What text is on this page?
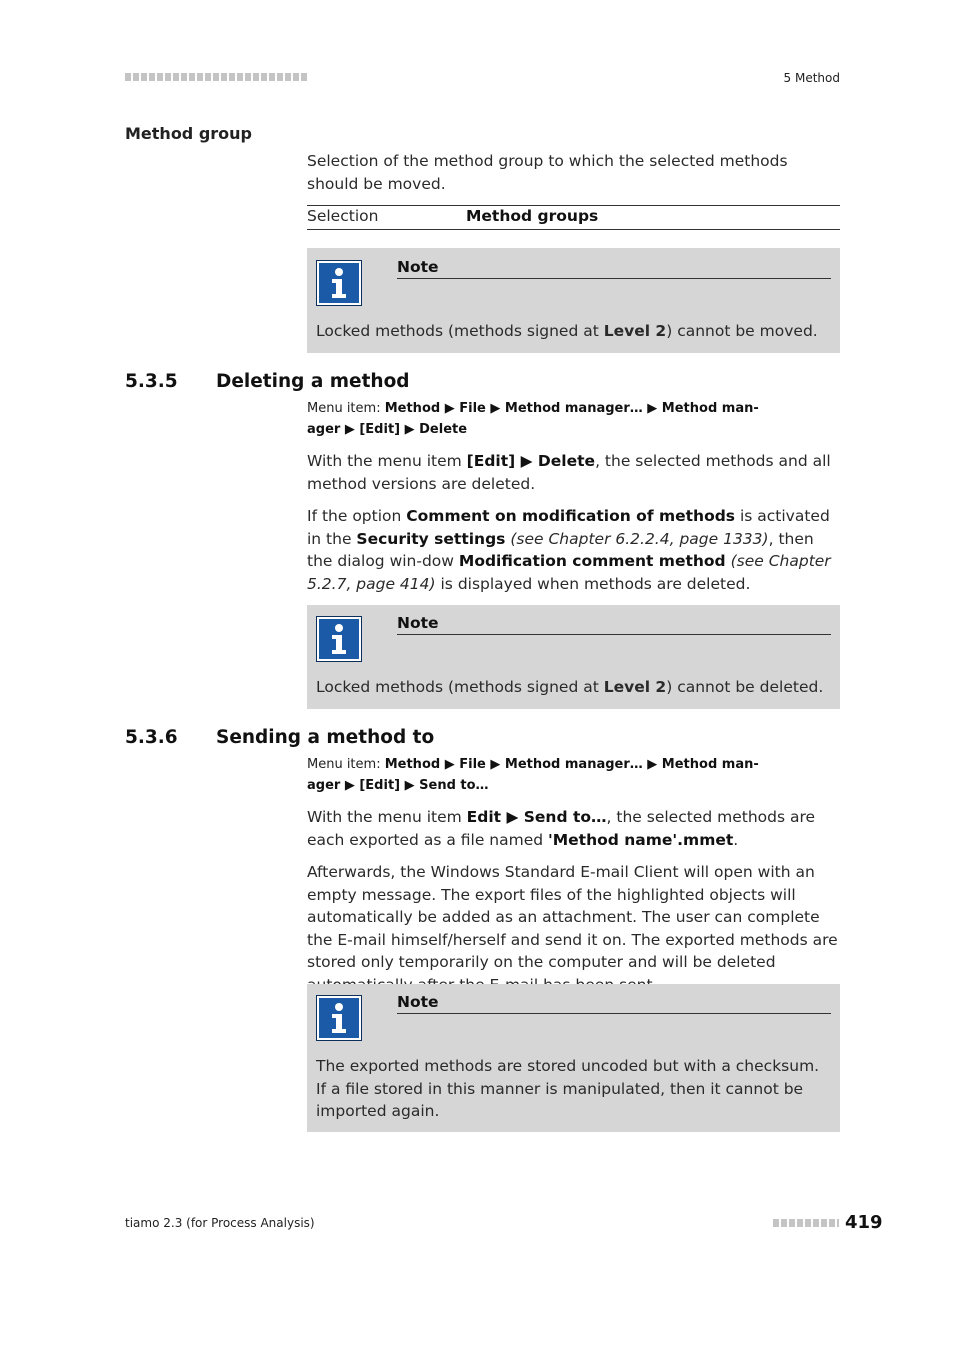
5 Method
Method group
Selection of the method group to which the selected methods should be moved.
Selection	Method groups
Note
Locked methods (methods signed at Level 2) cannot be moved.
5.3.5 Deleting a method
Menu item: Method ▶ File ▶ Method manager… ▶ Method man-
ager ▶ [Edit] ▶ Delete
With the menu item [Edit] ▶ Delete, the selected methods and all method versions are deleted.
If the option Comment on modification of methods is activated in the Security settings (see Chapter 6.2.2.4, page 1333), then the dialog win-dow Modification comment method (see Chapter 5.2.7, page 414) is displayed when methods are deleted.
Note
Locked methods (methods signed at Level 2) cannot be deleted.
5.3.6 Sending a method to
Menu item: Method ▶ File ▶ Method manager… ▶ Method man-
ager ▶ [Edit] ▶ Send to…
With the menu item Edit ▶ Send to…, the selected methods are each exported as a file named 'Method name'.mmet.
Afterwards, the Windows Standard E-mail Client will open with an empty message. The export files of the highlighted objects will automatically be added as an attachment. The user can complete the E-mail himself/herself and send it on. The exported methods are stored only temporarily on the computer and will be deleted
Note
The exported methods are stored uncoded but with a checksum. If a file stored in this manner is manipulated, then it cannot be imported again.
tiamo 2.3 (for Process Analysis)	419
